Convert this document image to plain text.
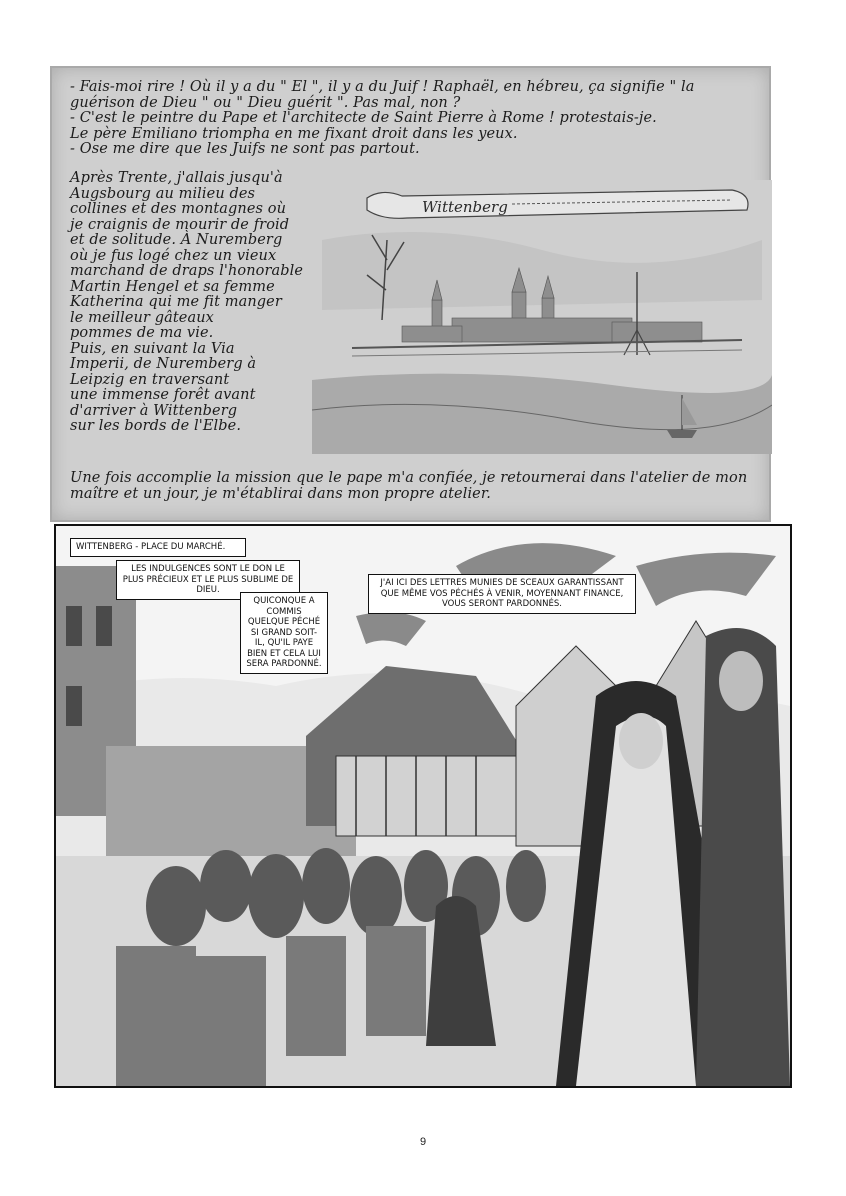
- Fais-moi rire ! Où il y a du " El ", il y a du Juif ! Raphaël, en hébreu, ça signifie " la guérison de Dieu " ou " Dieu guérit ". Pas mal, non ?
- C'est le peintre du Pape et l'architecte de Saint Pierre à Rome ! protestais-je.
Le père Emiliano triompha en me fixant droit dans les yeux.
- Ose me dire que les Juifs ne sont pas partout.

Après Trente, j'allais jusqu'à
Augsbourg au milieu des
collines et des montagnes où
je craignis de mourir de froid
et de solitude. À Nuremberg
où je fus logé chez un vieux
marchand de draps l'honorable
Martin Hengel et sa femme
Katherina qui me fit manger
le meilleur gâteaux
pommes de ma vie.
Puis, en suivant la Via
Imperii, de Nuremberg à
Leipzig en traversant
une immense forêt avant
d'arriver à Wittenberg
sur les bords de l'Elbe.

Wittenberg

Une fois accomplie la mission que le pape m'a confiée, je retournerai dans l'atelier de mon maître et un jour, je m'établirai dans mon propre atelier.

WITTENBERG - PLACE DU MARCHÉ.
LES INDULGENCES SONT LE DON LE PLUS PRÉCIEUX ET LE PLUS SUBLIME DE DIEU.
QUICONQUE A COMMIS QUELQUE PÉCHÉ SI GRAND SOIT-IL, QU'IL PAYE BIEN ET CELA LUI SERA PARDONNÉ.
J'AI ICI DES LETTRES MUNIES DE SCEAUX GARANTISSANT QUE MÊME VOS PÉCHÉS À VENIR, MOYENNANT FINANCE, VOUS SERONT PARDONNÉS.
9
